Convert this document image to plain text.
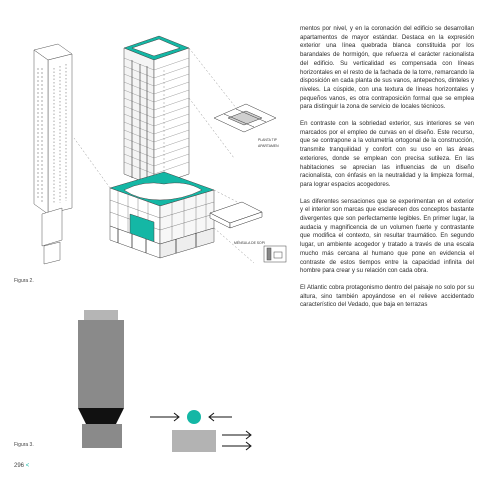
PLANTA TIP
APARTAMEN
MÉNSULA DE SOPI
Figura 2.
Figura 3.
296 <

mentos por nivel, y en la coronación del edificio se desarrollan apartamentos de mayor estándar. Destaca en la expresión exterior una línea quebrada blanca constituida por los barandales de hormigón, que refuerza el carácter racionalista del edificio. Su verticalidad es compensada con líneas horizontales en el resto de la fachada de la torre, remarcando la disposición en cada planta de sus vanos, antepechos, dinteles y niveles. La cúspide, con una textura de líneas horizontales y pequeños vanos, es otra contraposición formal que se emplea para distinguir la zona de servicio de locales técnicos.

En contraste con la sobriedad exterior, sus interiores se ven marcados por el empleo de curvas en el diseño. Este recurso, que se contrapone a la volumetría ortogonal de la construcción, transmite tranquilidad y confort con su uso en las áreas exteriores, donde se emplean con precisa sutileza. En las habitaciones se aprecian las influencias de un diseño racionalista, con énfasis en la neutralidad y la limpieza formal, para lograr espacios acogedores.

Las diferentes sensaciones que se experimentan en el exterior y el interior son marcas que esclarecen dos conceptos bastante divergentes que son perfectamente legibles. En primer lugar, la audacia y magnificencia de un volumen fuerte y contrastante que modifica el contexto, sin resultar traumático. En segundo lugar, un ambiente acogedor y tratado a través de una escala mucho más cercana al humano que pone en evidencia el contraste de estos tiempos entre la capacidad infinita del hombre para crear y su relación con cada obra.

El Atlantic cobra protagonismo dentro del paisaje no solo por su altura, sino también apoyándose en el relieve accidentado característico del Vedado, que baja en terrazas
